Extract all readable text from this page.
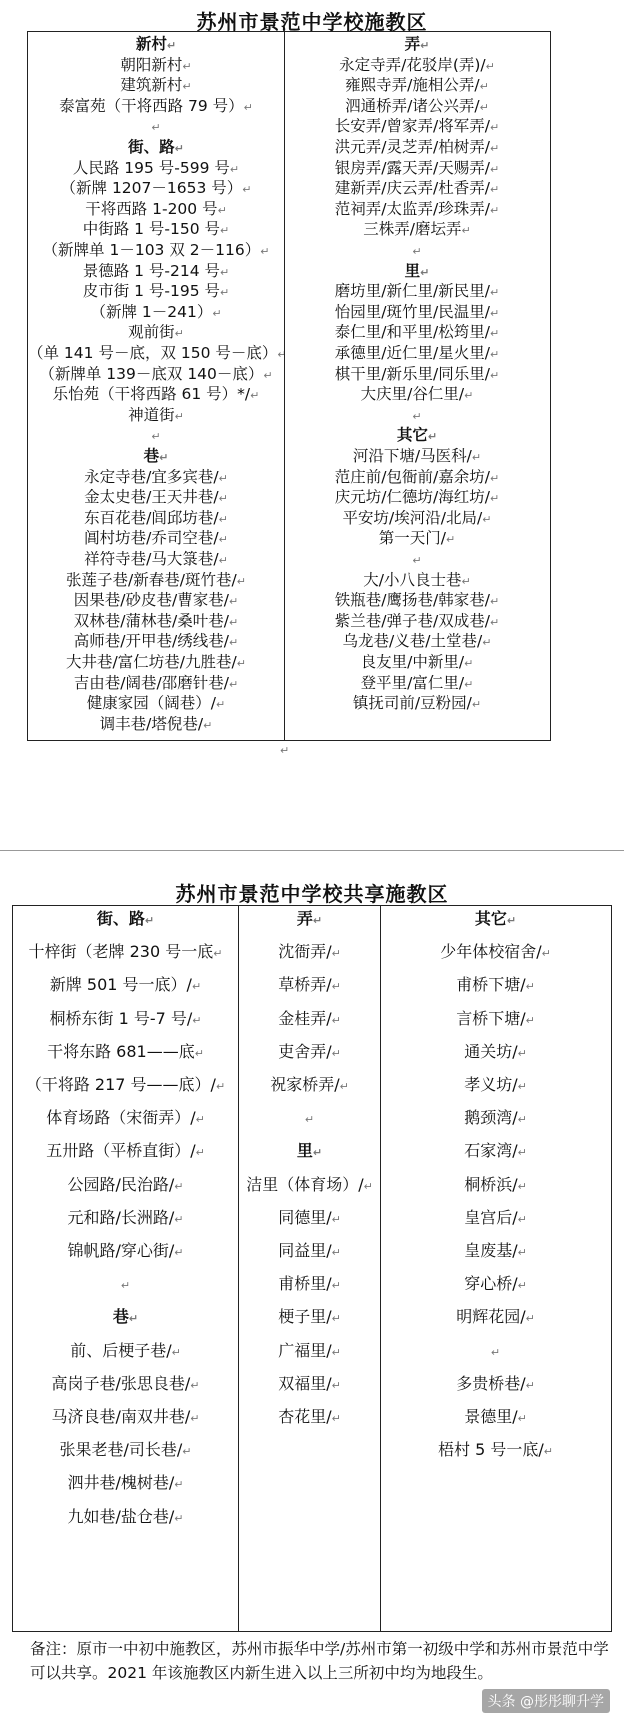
苏州市景范中学校施教区
新村↵
朝阳新村↵
建筑新村↵
泰富苑（干将西路 79 号）↵
↵
街、路↵
人民路 195 号-599 号↵
（新牌 1207－1653 号）↵
干将西路 1-200 号↵
中街路 1 号-150 号↵
（新牌单 1－103 双 2－116）↵
景德路 1 号-214 号↵
皮市街 1 号-195 号↵
（新牌 1－241）↵
观前街↵
（单 141 号－底，双 150 号－底）↵
（新牌单 139－底双 140－底）↵
乐怡苑（干将西路 61 号）*/↵
神道街↵
↵
巷↵
永定寺巷/宜多宾巷/↵
金太史巷/王天井巷/↵
东百花巷/闾邱坊巷/↵
阊村坊巷/乔司空巷/↵
祥符寺巷/马大箓巷/↵
张莲子巷/新春巷/斑竹巷/↵
因果巷/砂皮巷/曹家巷/↵
双林巷/蒲林巷/桑叶巷/↵
高师巷/开甲巷/绣线巷/↵
大井巷/富仁坊巷/九胜巷/↵
吉由巷/阔巷/邵磨针巷/↵
健康家园（阔巷）/↵
调丰巷/塔倪巷/↵
弄↵
永定寺弄/花驳岸(弄)/↵
雍熙寺弄/施相公弄/↵
泗通桥弄/诸公兴弄/↵
长安弄/曾家弄/将军弄/↵
洪元弄/灵芝弄/柏树弄/↵
银房弄/露天弄/天赐弄/↵
建新弄/庆云弄/杜香弄/↵
范祠弄/太监弄/珍珠弄/↵
三株弄/磨坛弄↵
↵
里↵
磨坊里/新仁里/新民里/↵
怡园里/斑竹里/民温里/↵
泰仁里/和平里/松筠里/↵
承德里/近仁里/星火里/↵
棋干里/新乐里/同乐里/↵
大庆里/谷仁里/↵
↵
其它↵
河沿下塘/马医科/↵
范庄前/包衙前/嘉余坊/↵
庆元坊/仁德坊/海红坊/↵
平安坊/埃河沿/北局/↵
第一天门/↵
↵
大/小八良士巷↵
铁瓶巷/鹰扬巷/韩家巷/↵
紫兰巷/弹子巷/双成巷/↵
乌龙巷/义巷/土堂巷/↵
良友里/中新里/↵
登平里/富仁里/↵
镇抚司前/豆粉园/↵
↵
苏州市景范中学校共享施教区
街、路↵
十梓街（老牌 230 号一底↵
新牌 501 号一底）/↵
桐桥东街 1 号-7 号/↵
干将东路 681——底↵
（干将路 217 号——底）/↵
体育场路（宋衙弄）/↵
五卅路（平桥直街）/↵
公园路/民治路/↵
元和路/长洲路/↵
锦帆路/穿心街/↵
↵
巷↵
前、后梗子巷/↵
高岗子巷/张思良巷/↵
马济良巷/南双井巷/↵
张果老巷/司长巷/↵
泗井巷/槐树巷/↵
九如巷/盐仓巷/↵
弄↵
沈衙弄/↵
草桥弄/↵
金桂弄/↵
吏舍弄/↵
祝家桥弄/↵
↵
里↵
洁里（体育场）/↵
同德里/↵
同益里/↵
甫桥里/↵
梗子里/↵
广福里/↵
双福里/↵
杏花里/↵
其它↵
少年体校宿舍/↵
甫桥下塘/↵
言桥下塘/↵
通关坊/↵
孝义坊/↵
鹅颈湾/↵
石家湾/↵
桐桥浜/↵
皇宫后/↵
皇废基/↵
穿心桥/↵
明辉花园/↵
↵
多贵桥巷/↵
景德里/↵
梧村 5 号一底/↵
备注：原市一中初中施教区，苏州市振华中学/苏州市第一初级中学和苏州市景范中学可以共享。2021 年该施教区内新生进入以上三所初中均为地段生。
头条 @彤彤聊升学
